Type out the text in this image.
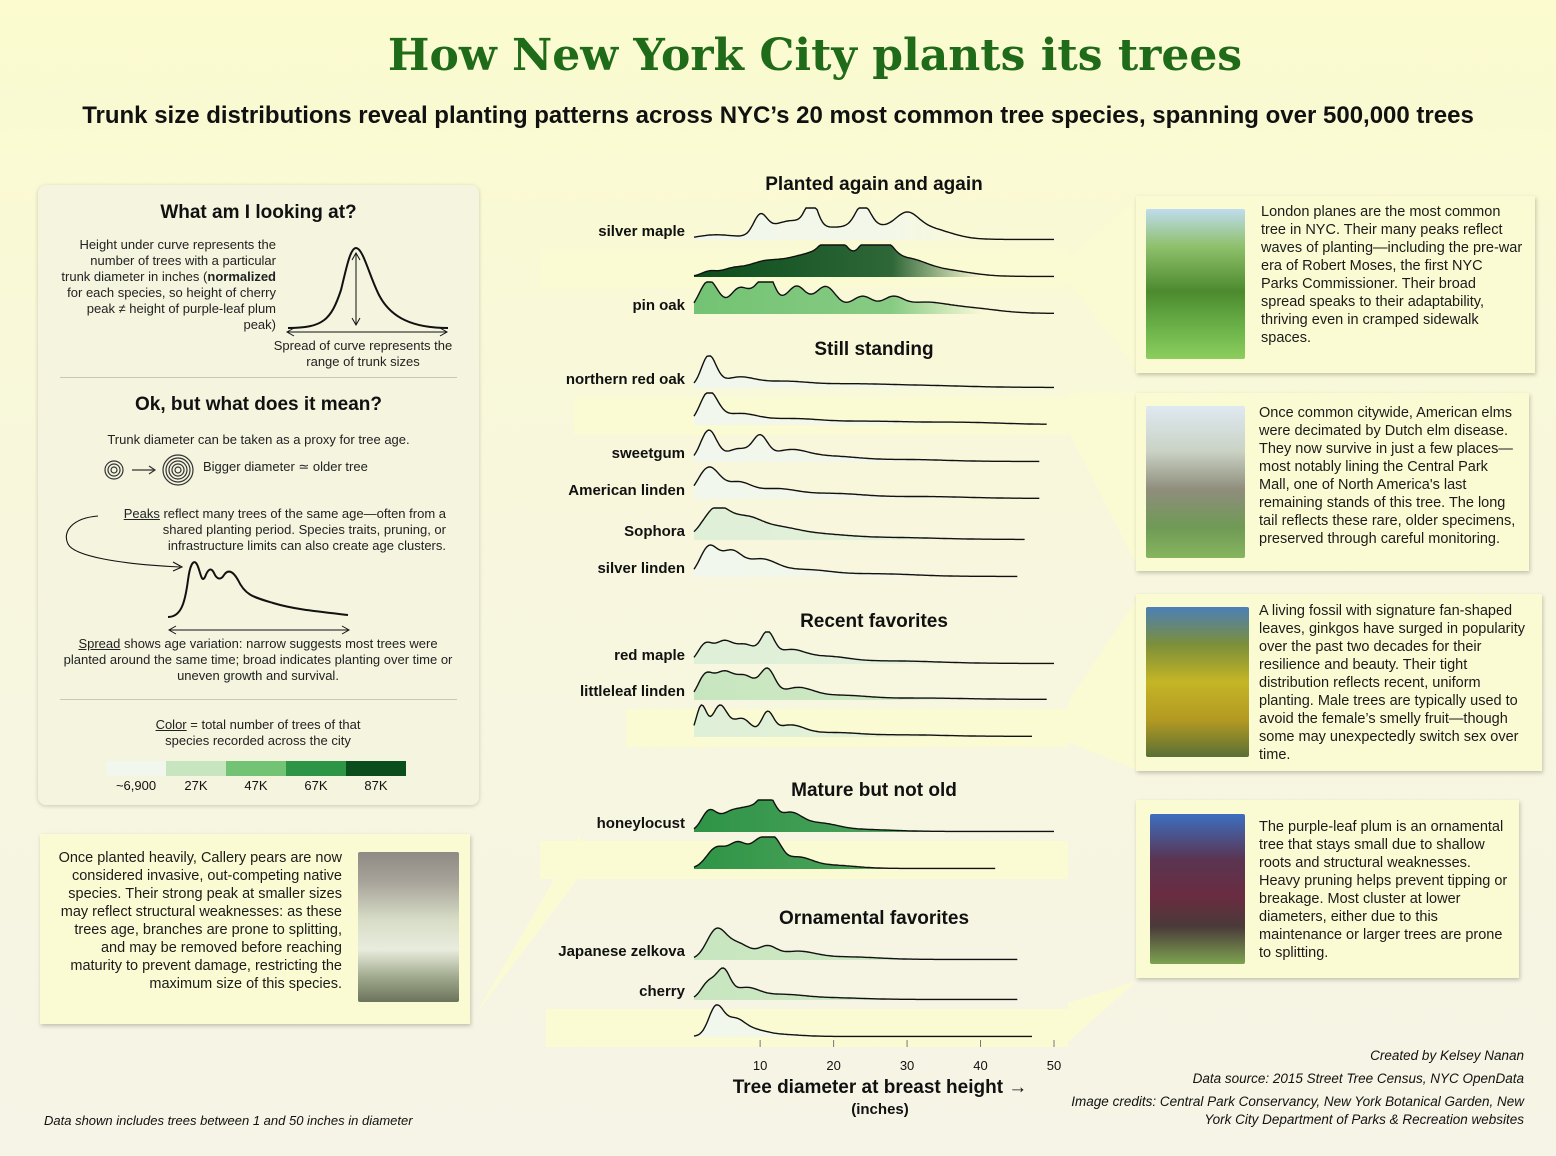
How New York City plants its trees
Trunk size distributions reveal planting patterns across NYC’s 20 most common tree species, spanning over 500,000 trees
What am I looking at?
Height under curve represents the number of trees with a particular trunk diameter in inches (normalized for each species, so height of cherry peak ≠ height of purple-leaf plum peak)
Spread of curve represents the range of trunk sizes
Ok, but what does it mean?
Trunk diameter can be taken as a proxy for tree age.
Bigger diameter ≃ older tree
Peaks reflect many trees of the same age—often from a shared planting period. Species traits, pruning, or infrastructure limits can also create age clusters.
Spread shows age variation: narrow suggests most trees were planted around the same time; broad indicates planting over time or uneven growth and survival.
Color = total number of trees of that species recorded across the city
~6,900	27K	47K	67K	87K
Planted again and again
silver maple
pin oak
Still standing
northern red oak
sweetgum
American linden
Sophora
silver linden
Recent favorites
red maple
littleleaf linden
Mature but not old
honeylocust
Ornamental favorites
Japanese zelkova
cherry
10	20	30	40	50
Tree diameter at breast height →
(inches)
London planes are the most common tree in NYC. Their many peaks reflect waves of planting—including the pre-war era of Robert Moses, the first NYC Parks Commissioner. Their broad spread speaks to their adaptability, thriving even in cramped sidewalk spaces.
Once common citywide, American elms were decimated by Dutch elm disease. They now survive in just a few places—most notably lining the Central Park Mall, one of North America's last remaining stands of this tree. The long tail reflects these rare, older specimens, preserved through careful monitoring.
A living fossil with signature fan-shaped leaves, ginkgos have surged in popularity over the past two decades for their resilience and beauty. Their tight distribution reflects recent, uniform planting. Male trees are typically used to avoid the female’s smelly fruit—though some may unexpectedly switch sex over time.
The purple-leaf plum is an ornamental tree that stays small due to shallow roots and structural weaknesses. Heavy pruning helps prevent tipping or breakage. Most cluster at lower diameters, either due to this maintenance or larger trees are prone to splitting.
Once planted heavily, Callery pears are now considered invasive, out-competing native species. Their strong peak at smaller sizes may reflect structural weaknesses: as these trees age, branches are prone to splitting, and may be removed before reaching maturity to prevent damage, restricting the maximum size of this species.
Created by Kelsey Nanan
Data source: 2015 Street Tree Census, NYC OpenData
Image credits: Central Park Conservancy, New York Botanical Garden, New York City Department of Parks & Recreation websites
Data shown includes trees between 1 and 50 inches in diameter
